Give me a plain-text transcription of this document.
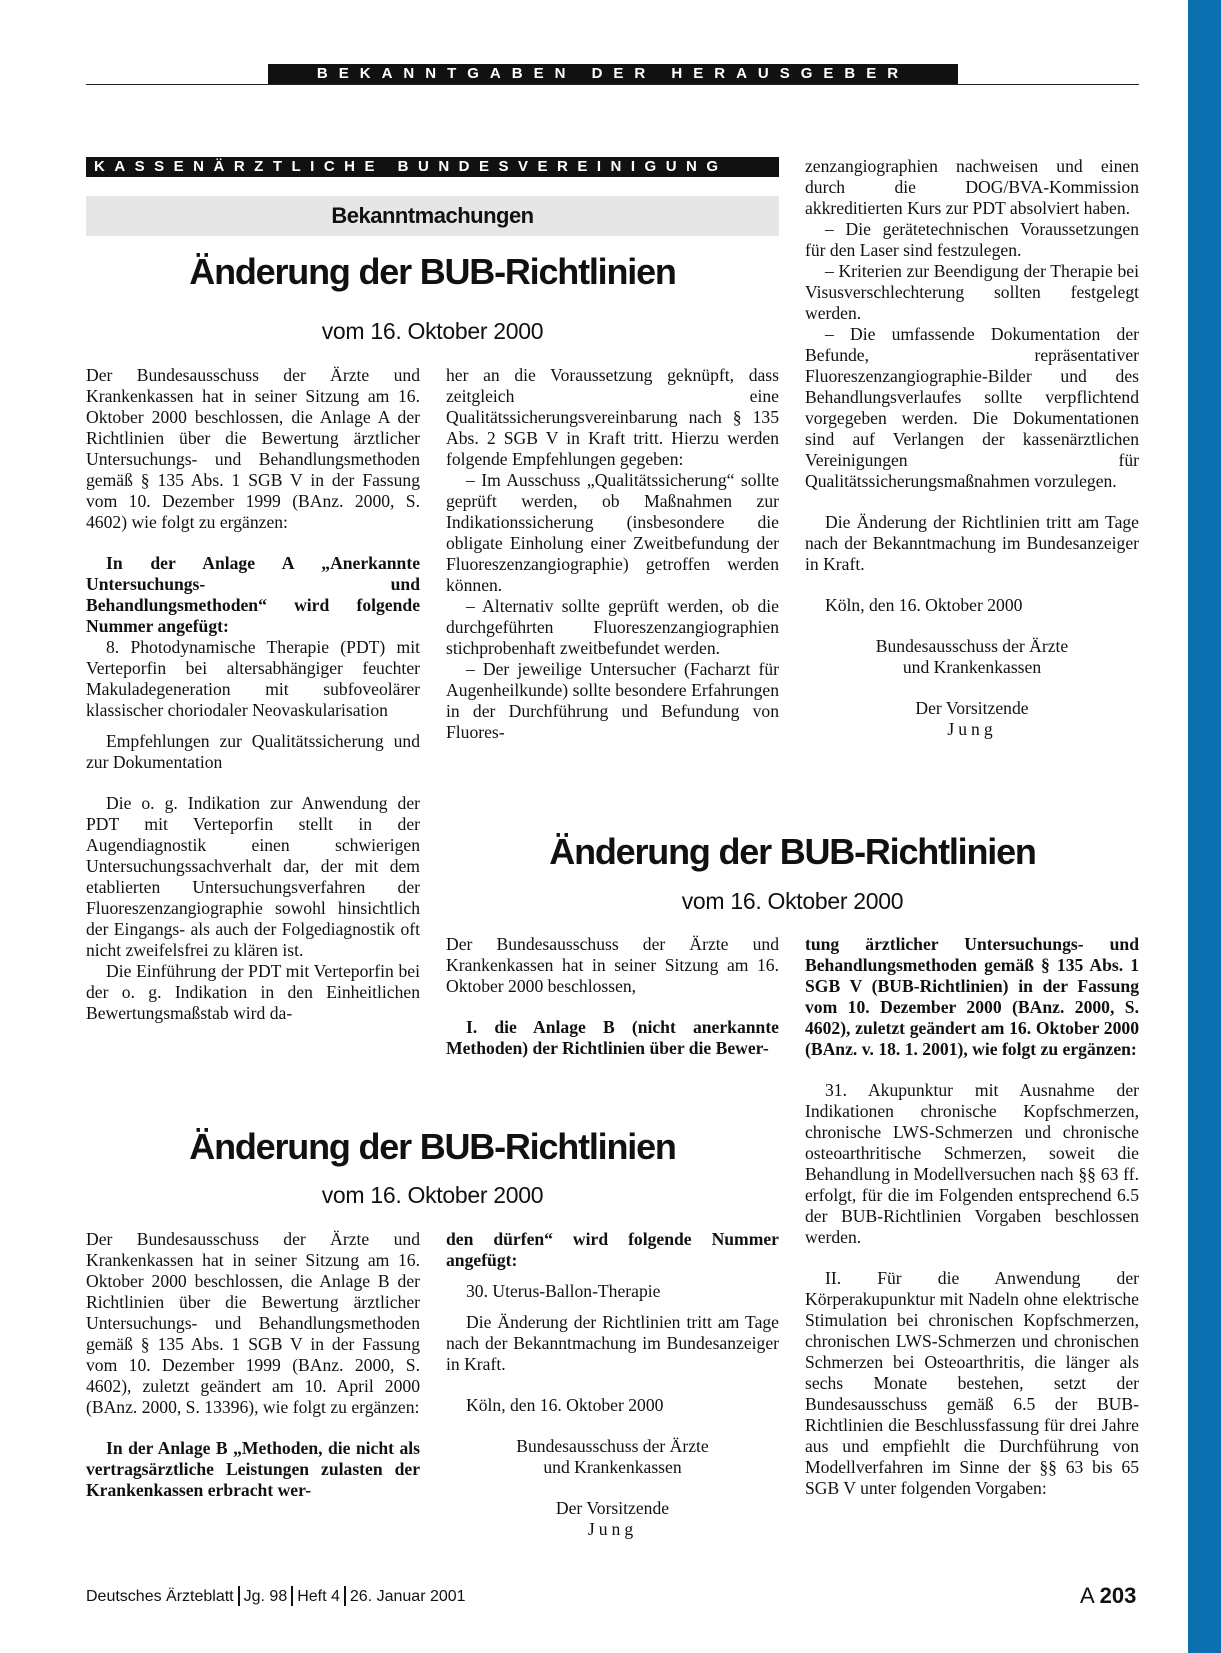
BEKANNTGABEN DER HERAUSGEBER
KASSENÄRZTLICHE BUNDESVEREINIGUNG
Bekanntmachungen
Änderung der BUB-Richtlinien
vom 16. Oktober 2000

Der Bundesausschuss der Ärzte und Krankenkassen hat in seiner Sitzung am 16. Oktober 2000 beschlossen, die Anlage A der Richtlinien über die Bewertung ärztlicher Untersuchungs- und Behandlungsmethoden gemäß § 135 Abs. 1 SGB V in der Fassung vom 10. Dezember 1999 (BAnz. 2000, S. 4602) wie folgt zu ergänzen:

In der Anlage A „Anerkannte Untersuchungs- und Behandlungsmethoden“ wird folgende Nummer angefügt:

8. Photodynamische Therapie (PDT) mit Verteporfin bei altersabhängiger feuchter Makuladegeneration mit subfoveolärer klassischer choriodaler Neovaskularisation

Empfehlungen zur Qualitätssicherung und zur Dokumentation

Die o. g. Indikation zur Anwendung der PDT mit Verteporfin stellt in der Augendiagnostik einen schwierigen Untersuchungssachverhalt dar, der mit dem etablierten Untersuchungsverfahren der Fluoreszenzangiographie sowohl hinsichtlich der Eingangs- als auch der Folgediagnostik oft nicht zweifelsfrei zu klären ist.

Die Einführung der PDT mit Verteporfin bei der o. g. Indikation in den Einheitlichen Bewertungsmaßstab wird da-

her an die Voraussetzung geknüpft, dass zeitgleich eine Qualitätssicherungsvereinbarung nach § 135 Abs. 2 SGB V in Kraft tritt. Hierzu werden folgende Empfehlungen gegeben:

– Im Ausschuss „Qualitätssicherung“ sollte geprüft werden, ob Maßnahmen zur Indikationssicherung (insbesondere die obligate Einholung einer Zweitbefundung der Fluoreszenzangiographie) getroffen werden können.

– Alternativ sollte geprüft werden, ob die durchgeführten Fluoreszenzangiographien stichprobenhaft zweitbefundet werden.

– Der jeweilige Untersucher (Facharzt für Augenheilkunde) sollte besondere Erfahrungen in der Durchführung und Befundung von Fluores-

zenzangiographien nachweisen und einen durch die DOG/BVA-Kommission akkreditierten Kurs zur PDT absolviert haben.

– Die gerätetechnischen Voraussetzungen für den Laser sind festzulegen.

– Kriterien zur Beendigung der Therapie bei Visusverschlechterung sollten festgelegt werden.

– Die umfassende Dokumentation der Befunde, repräsentativer Fluoreszenzangiographie-Bilder und des Behandlungsverlaufes sollte verpflichtend vorgegeben werden. Die Dokumentationen sind auf Verlangen der kassenärztlichen Vereinigungen für Qualitätssicherungsmaßnahmen vorzulegen.

Die Änderung der Richtlinien tritt am Tage nach der Bekanntmachung im Bundesanzeiger in Kraft.

Köln, den 16. Oktober 2000

Bundesausschuss der Ärzte

und Krankenkassen

Der Vorsitzende

Jung

Änderung der BUB-Richtlinien
vom 16. Oktober 2000

Der Bundesausschuss der Ärzte und Krankenkassen hat in seiner Sitzung am 16. Oktober 2000 beschlossen,

I. die Anlage B (nicht anerkannte Methoden) der Richtlinien über die Bewer-

tung ärztlicher Untersuchungs- und Behandlungsmethoden gemäß § 135 Abs. 1 SGB V (BUB-Richtlinien) in der Fassung vom 10. Dezember 2000 (BAnz. 2000, S. 4602), zuletzt geändert am 16. Oktober 2000 (BAnz. v. 18. 1. 2001), wie folgt zu ergänzen:

31. Akupunktur mit Ausnahme der Indikationen chronische Kopfschmerzen, chronische LWS-Schmerzen und chronische osteoarthritische Schmerzen, soweit die Behandlung in Modellversuchen nach §§ 63 ff. erfolgt, für die im Folgenden entsprechend 6.5 der BUB-Richtlinien Vorgaben beschlossen werden.

II. Für die Anwendung der Körperakupunktur mit Nadeln ohne elektrische Stimulation bei chronischen Kopfschmerzen, chronischen LWS-Schmerzen und chronischen Schmerzen bei Osteoarthritis, die länger als sechs Monate bestehen, setzt der Bundesausschuss gemäß 6.5 der BUB-Richtlinien die Beschlussfassung für drei Jahre aus und empfiehlt die Durchführung von Modellverfahren im Sinne der §§ 63 bis 65 SGB V unter folgenden Vorgaben:

Änderung der BUB-Richtlinien
vom 16. Oktober 2000

Der Bundesausschuss der Ärzte und Krankenkassen hat in seiner Sitzung am 16. Oktober 2000 beschlossen, die Anlage B der Richtlinien über die Bewertung ärztlicher Untersuchungs- und Behandlungsmethoden gemäß § 135 Abs. 1 SGB V in der Fassung vom 10. Dezember 1999 (BAnz. 2000, S. 4602), zuletzt geändert am 10. April 2000 (BAnz. 2000, S. 13396), wie folgt zu ergänzen:

In der Anlage B „Methoden, die nicht als vertragsärztliche Leistungen zulasten der Krankenkassen erbracht wer-

den dürfen“ wird folgende Nummer angefügt:

30. Uterus-Ballon-Therapie

Die Änderung der Richtlinien tritt am Tage nach der Bekanntmachung im Bundesanzeiger in Kraft.

Köln, den 16. Oktober 2000

Bundesausschuss der Ärzte

und Krankenkassen

Der Vorsitzende

Jung

Deutsches Ärzteblatt Jg. 98 Heft 4 26. Januar 2001	A 203
